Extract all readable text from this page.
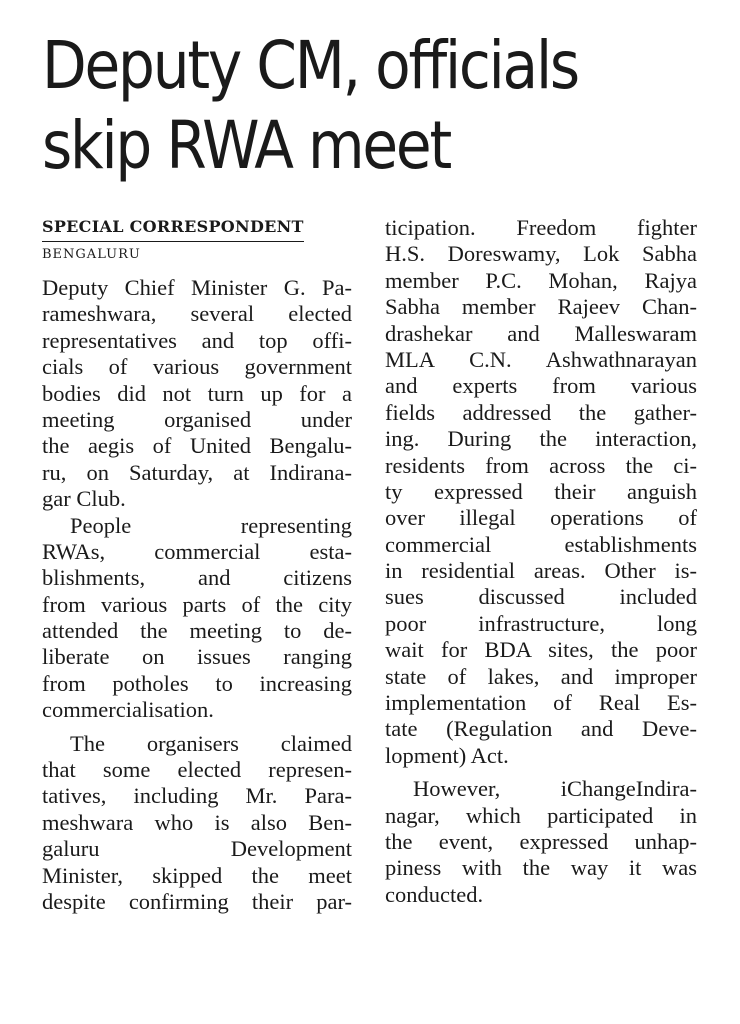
Deputy CM, officials
skip RWA meet
SPECIAL CORRESPONDENT
BENGALURU
Deputy Chief Minister G. Pa-
rameshwara, several elected
representatives and top offi-
cials of various government
bodies did not turn up for a
meeting organised under
the aegis of United Bengalu-
ru, on Saturday, at Indirana-
gar Club.
People representing
RWAs, commercial esta-
blishments, and citizens
from various parts of the city
attended the meeting to de-
liberate on issues ranging
from potholes to increasing
commercialisation.
The organisers claimed
that some elected represen-
tatives, including Mr. Para-
meshwara who is also Ben-
galuru Development
Minister, skipped the meet
despite confirming their par-
ticipation. Freedom fighter
H.S. Doreswamy, Lok Sabha
member P.C. Mohan, Rajya
Sabha member Rajeev Chan-
drashekar and Malleswaram
MLA C.N. Ashwathnarayan
and experts from various
fields addressed the gather-
ing. During the interaction,
residents from across the ci-
ty expressed their anguish
over illegal operations of
commercial establishments
in residential areas. Other is-
sues discussed included
poor infrastructure, long
wait for BDA sites, the poor
state of lakes, and improper
implementation of Real Es-
tate (Regulation and Deve-
lopment) Act.
However, iChangeIndira-
nagar, which participated in
the event, expressed unhap-
piness with the way it was
conducted.
